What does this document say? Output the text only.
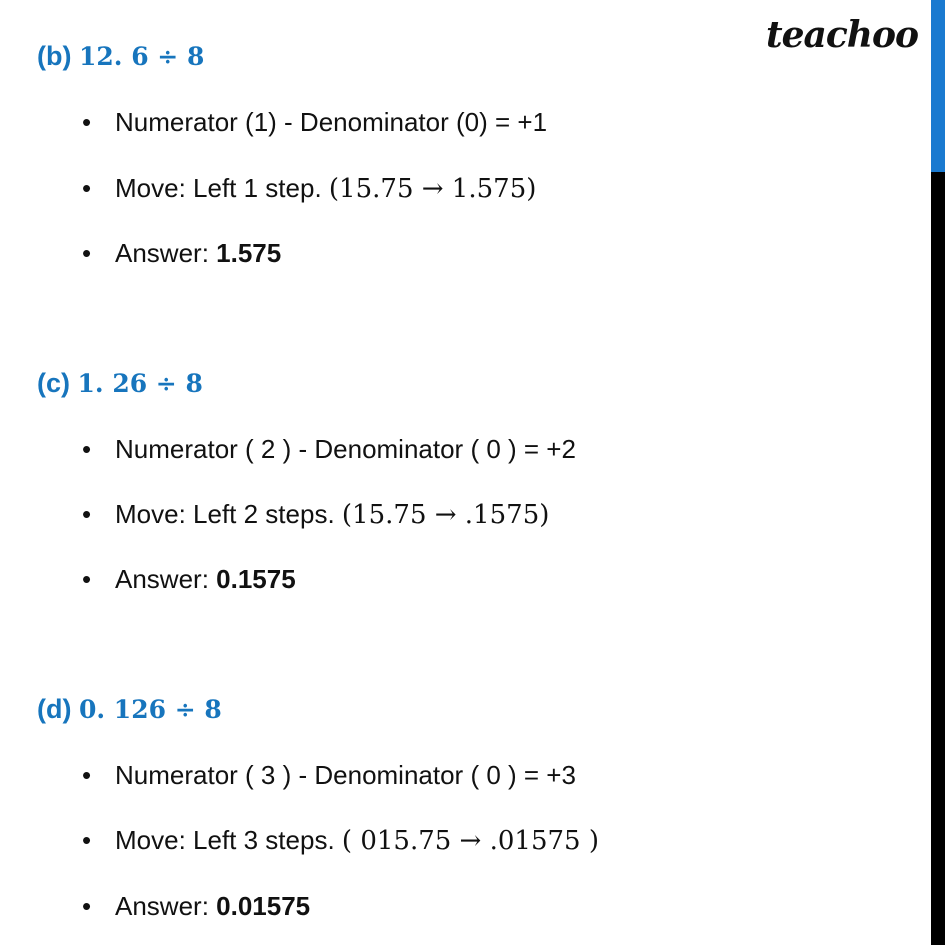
teachoo
(b) 12. 6 ÷ 8
• Numerator (1) - Denominator (0) = +1
• Move: Left 1 step. (15.75 → 1.575)
• Answer: 1.575
(c) 1. 26 ÷ 8
• Numerator ( 2 ) - Denominator ( 0 ) = +2
• Move: Left 2 steps. (15.75 → .1575)
• Answer: 0.1575
(d) 0. 126 ÷ 8
• Numerator ( 3 ) - Denominator ( 0 ) = +3
• Move: Left 3 steps. ( 015.75 → .01575 )
• Answer: 0.01575
